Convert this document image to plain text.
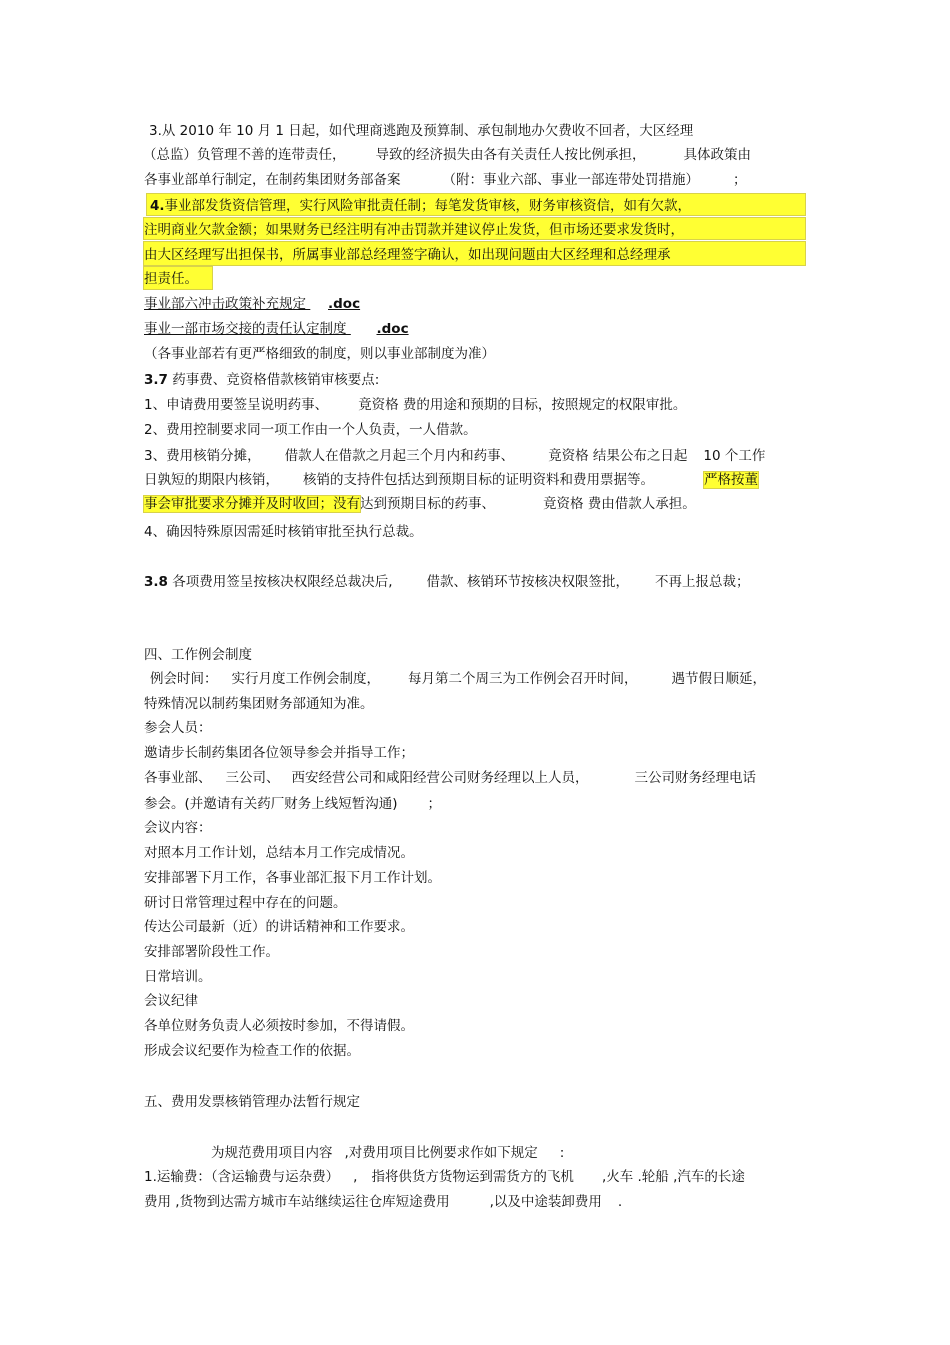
3.从 2010 年 10 月 1 日起，如代理商逃跑及预算制、承包制地办欠费收不回者，大区经理
（总监）负管理不善的连带责任， 导致的经济损失由各有关责任人按比例承担，	具体政策由
各事业部单行制定，在制药集团财务部备案	（附：事业六部、事业一部连带处罚措施）	；
4.事业部发货资信管理，实行风险审批责任制；每笔发货审核，财务审核资信，如有欠款，
注明商业欠款金额；如果财务已经注明有冲击罚款并建议停止发货，但市场还要求发货时，
由大区经理写出担保书，所属事业部总经理签字确认，如出现问题由大区经理和总经理承
担责任。
事业部六冲击政策补充规定 .doc
事业一部市场交接的责任认定制度 .doc
（各事业部若有更严格细致的制度，则以事业部制度为准）
3.7 药事费、竞资格借款核销审核要点:
1、申请费用要签呈说明药事、 竟资格 费的用途和预期的目标，按照规定的权限审批。
2、费用控制要求同一项工作由一个人负责，一人借款。
3、费用核销分摊， 借款人在借款之月起三个月内和药事、	竟资格 结果公布之日起 10 个工作
日孰短的期限内核销， 核销的支持件包括达到预期目标的证明资料和费用票据等。	严格按董
事会审批要求分摊并及时收回；没有达到预期目标的药事、	竟资格 费由借款人承担。
4、确因特殊原因需延时核销审批至执行总裁。
3.8 各项费用签呈按核决权限经总裁决后,	借款、核销环节按核决权限签批， 不再上报总裁；
四、工作例会制度
例会时间： 实行月度工作例会制度， 每月第二个周三为工作例会召开时间，	遇节假日顺延，
特殊情况以制药集团财务部通知为准。
参会人员：
邀请步长制药集团各位领导参会并指导工作；
各事业部、 三公司、 西安经营公司和咸阳经营公司财务经理以上人员，	三公司财务经理电话
参会。(并邀请有关药厂财务上线短暂沟通) ；
会议内容：
对照本月工作计划，总结本月工作完成情况。
安排部署下月工作，各事业部汇报下月工作计划。
研讨日常管理过程中存在的问题。
传达公司最新（近）的讲话精神和工作要求。
安排部署阶段性工作。
日常培训。
会议纪律
各单位财务负责人必须按时参加，不得请假。
形成会议纪要作为检查工作的依据。
五、费用发票核销管理办法暂行规定
为规范费用项目内容 ,对费用项目比例要求作如下规定 :
1.运输费：（含运输费与运杂费） , 指将供货方货物运到需货方的飞机 ,火车 .轮船 ,汽车的长途
费用 ,货物到达需方城市车站继续运往仓库短途费用	,以及中途装卸费用 .
